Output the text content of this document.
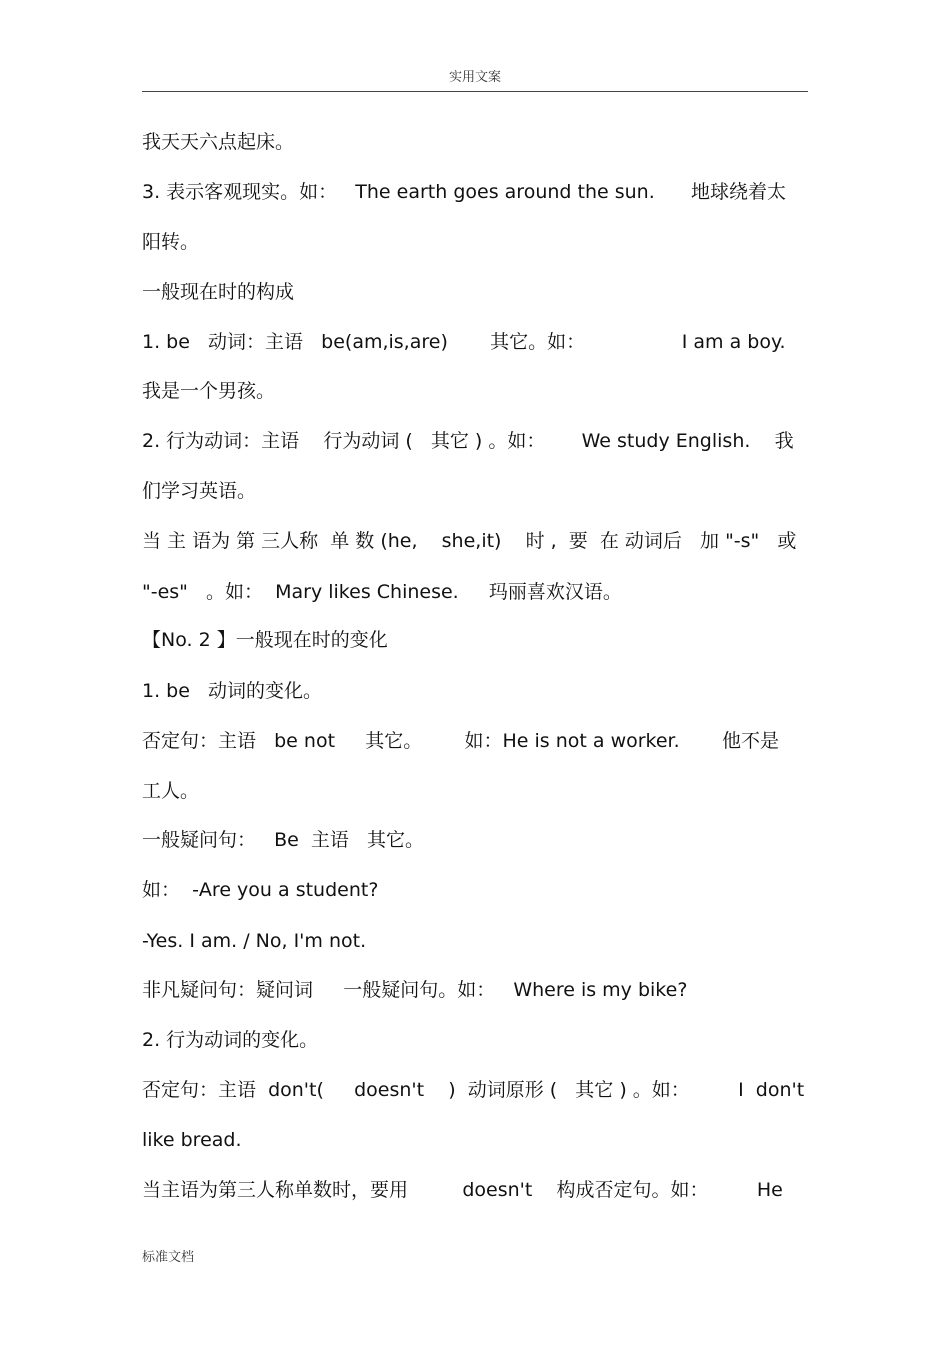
实用文案
我天天六点起床。
3. 表示客观现实。如：   The earth goes around the sun.      地球绕着太
阳转。
一般现在时的构成
1. be   动词：主语   be(am,is,are)       其它。如：                I am a boy.
我是一个男孩。
2. 行为动词：主语    行为动词 (   其它 ) 。如：      We study English.    我
们学习英语。
当 主 语为 第 三人称  单 数 (he,    she,it)    时 ,  要  在 动词后   加 "-s"   或
"-es"   。如：  Mary likes Chinese.     玛丽喜欢汉语。
【No. 2 】一般现在时的变化
1. be   动词的变化。
否定句：主语   be not     其它。       如：He is not a worker.       他不是
工人。
一般疑问句：   Be  主语   其它。
如：  -Are you a student?
-Yes. I am. / No, I'm not.
非凡疑问句：疑问词     一般疑问句。如：   Where is my bike?
2. 行为动词的变化。
否定句：主语  don't(     doesn't    )  动词原形 (   其它 ) 。如：        I  don't
like bread.
当主语为第三人称单数时，要用         doesn't    构成否定句。如：        He
标准文档
